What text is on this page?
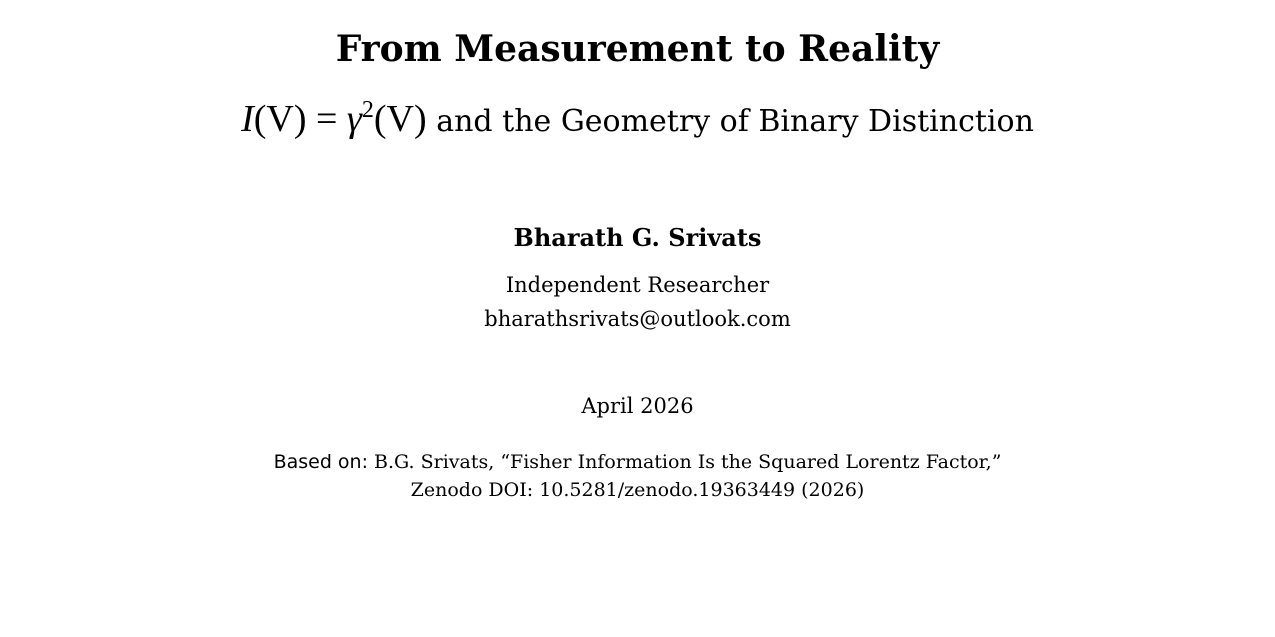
From Measurement to Reality
$I(V) = \gamma^2(V)$ and the Geometry of Binary Distinction
Bharath G. Srivats
Independent Researcher
bharathsrivats@outlook.com
April 2026
Based on: B.G. Srivats, “Fisher Information Is the Squared Lorentz Factor,”
Zenodo DOI: 10.5281/zenodo.19363449 (2026)
